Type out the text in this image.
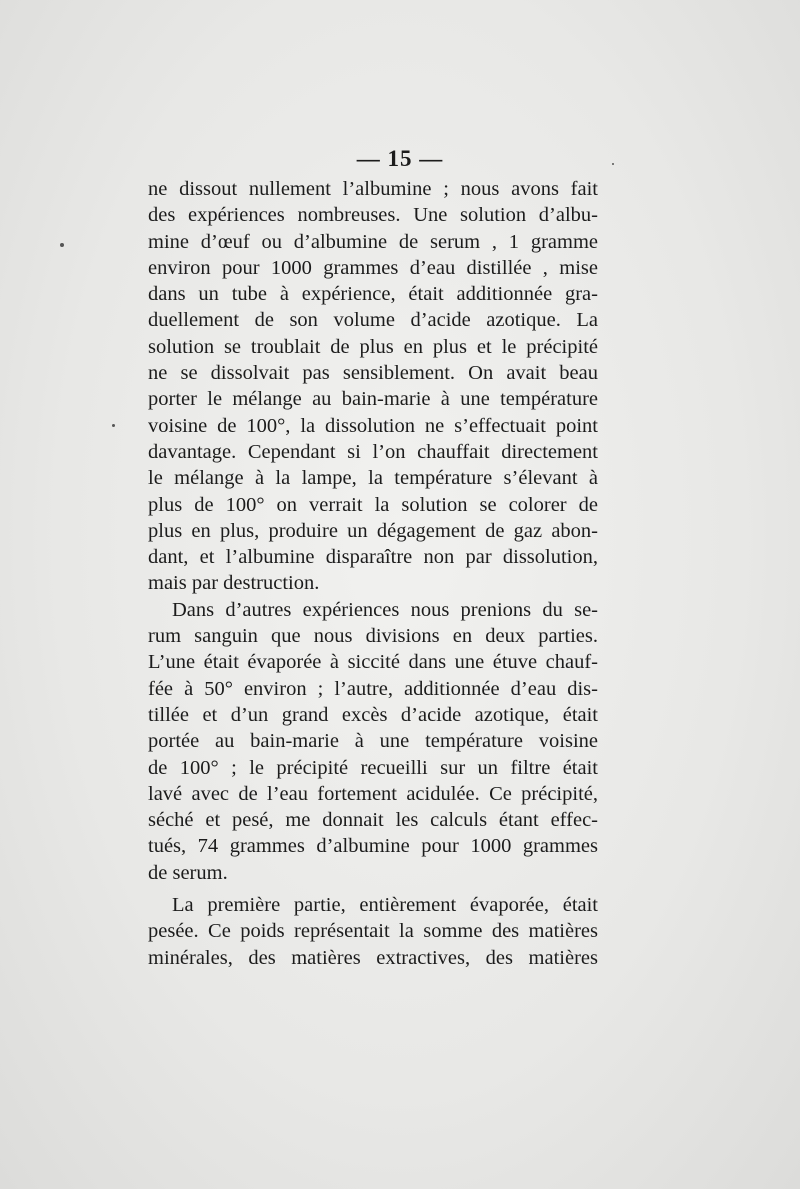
— 15 —
ne dissout nullement l’albumine ; nous avons fait
des expériences nombreuses. Une solution d’albu-
mine d’œuf ou d’albumine de serum , 1 gramme
environ pour 1000 grammes d’eau distillée , mise
dans un tube à expérience, était additionnée gra-
duellement de son volume d’acide azotique. La
solution se troublait de plus en plus et le précipité
ne se dissolvait pas sensiblement. On avait beau
porter le mélange au bain-marie à une température
voisine de 100°, la dissolution ne s’effectuait point
davantage. Cependant si l’on chauffait directement
le mélange à la lampe, la température s’élevant à
plus de 100° on verrait la solution se colorer de
plus en plus, produire un dégagement de gaz abon-
dant, et l’albumine disparaître non par dissolution,
mais par destruction.
Dans d’autres expériences nous prenions du se-
rum sanguin que nous divisions en deux parties.
L’une était évaporée à siccité dans une étuve chauf-
fée à 50° environ ; l’autre, additionnée d’eau dis-
tillée et d’un grand excès d’acide azotique, était
portée au bain-marie à une température voisine
de 100° ; le précipité recueilli sur un filtre était
lavé avec de l’eau fortement acidulée. Ce précipité,
séché et pesé, me donnait les calculs étant effec-
tués, 74 grammes d’albumine pour 1000 grammes
de serum.
La première partie, entièrement évaporée, était
pesée. Ce poids représentait la somme des matières
minérales, des matières extractives, des matières
